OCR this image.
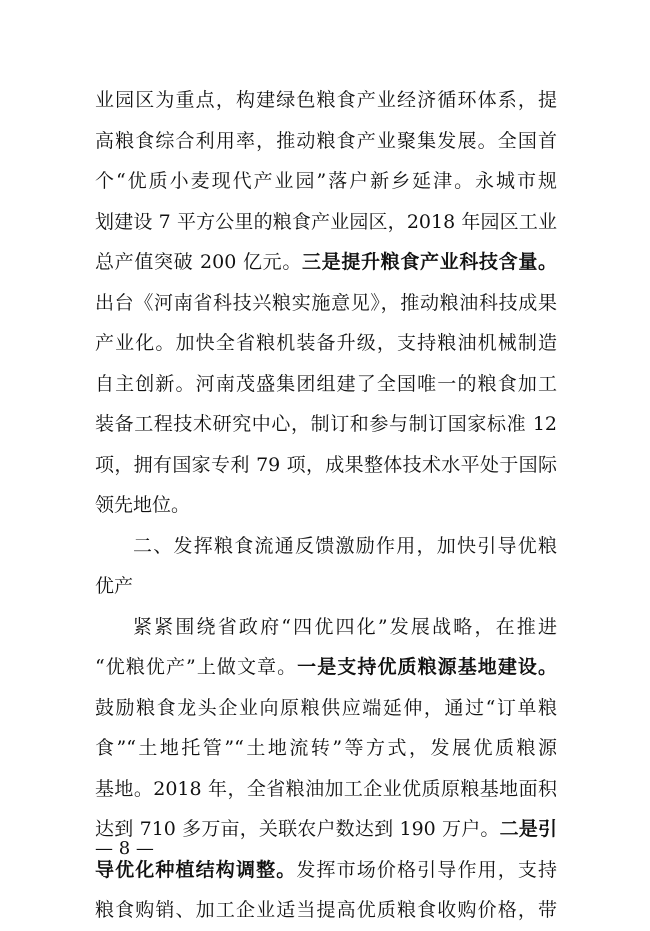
业园区为重点，构建绿色粮食产业经济循环体系，提
高粮食综合利用率，推动粮食产业聚集发展。全国首
个“优质小麦现代产业园”落户新乡延津。永城市规
划建设 7 平方公里的粮食产业园区，2018 年园区工业
总产值突破 200 亿元。三是提升粮食产业科技含量。
出台《河南省科技兴粮实施意见》，推动粮油科技成果
产业化。加快全省粮机装备升级，支持粮油机械制造
自主创新。河南茂盛集团组建了全国唯一的粮食加工
装备工程技术研究中心，制订和参与制订国家标准 12
项，拥有国家专利 79 项，成果整体技术水平处于国际
领先地位。
二、发挥粮食流通反馈激励作用，加快引导优粮
优产
紧紧围绕省政府“四优四化”发展战略，在推进
“优粮优产”上做文章。一是支持优质粮源基地建设。
鼓励粮食龙头企业向原粮供应端延伸，通过“订单粮
食”“土地托管”“土地流转”等方式，发展优质粮源
基地。2018 年，全省粮油加工企业优质原粮基地面积
达到 710 多万亩，关联农户数达到 190 万户。二是引
导优化种植结构调整。发挥市场价格引导作用，支持
粮食购销、加工企业适当提高优质粮食收购价格，带
— 8 —
